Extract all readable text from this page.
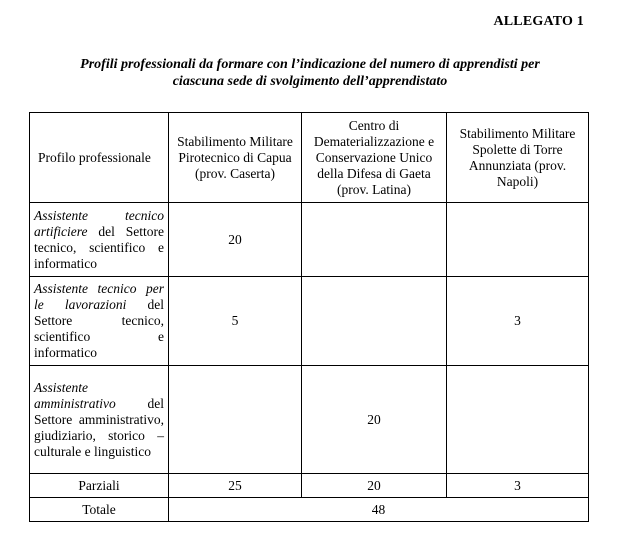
ALLEGATO 1
Profili professionali da formare con l’indicazione del numero di apprendisti per
ciascuna sede di svolgimento dell’apprendistato
Profilo professionale	Stabilimento Militare Pirotecnico di Capua (prov. Caserta)	Centro di Dematerializzazione e Conservazione Unico della Difesa di Gaeta (prov. Latina)	Stabilimento Militare Spolette di Torre Annunziata (prov. Napoli)
Assistente tecnico artificiere del Settore tecnico, scientifico e informatico	20		
Assistente tecnico per le lavorazioni del Settore tecnico, scientifico e informatico	5		3
Assistente amministrativo del Settore amministrativo, giudiziario, storico – culturale e linguistico		20	
Parziali	25	20	3
Totale	48		
